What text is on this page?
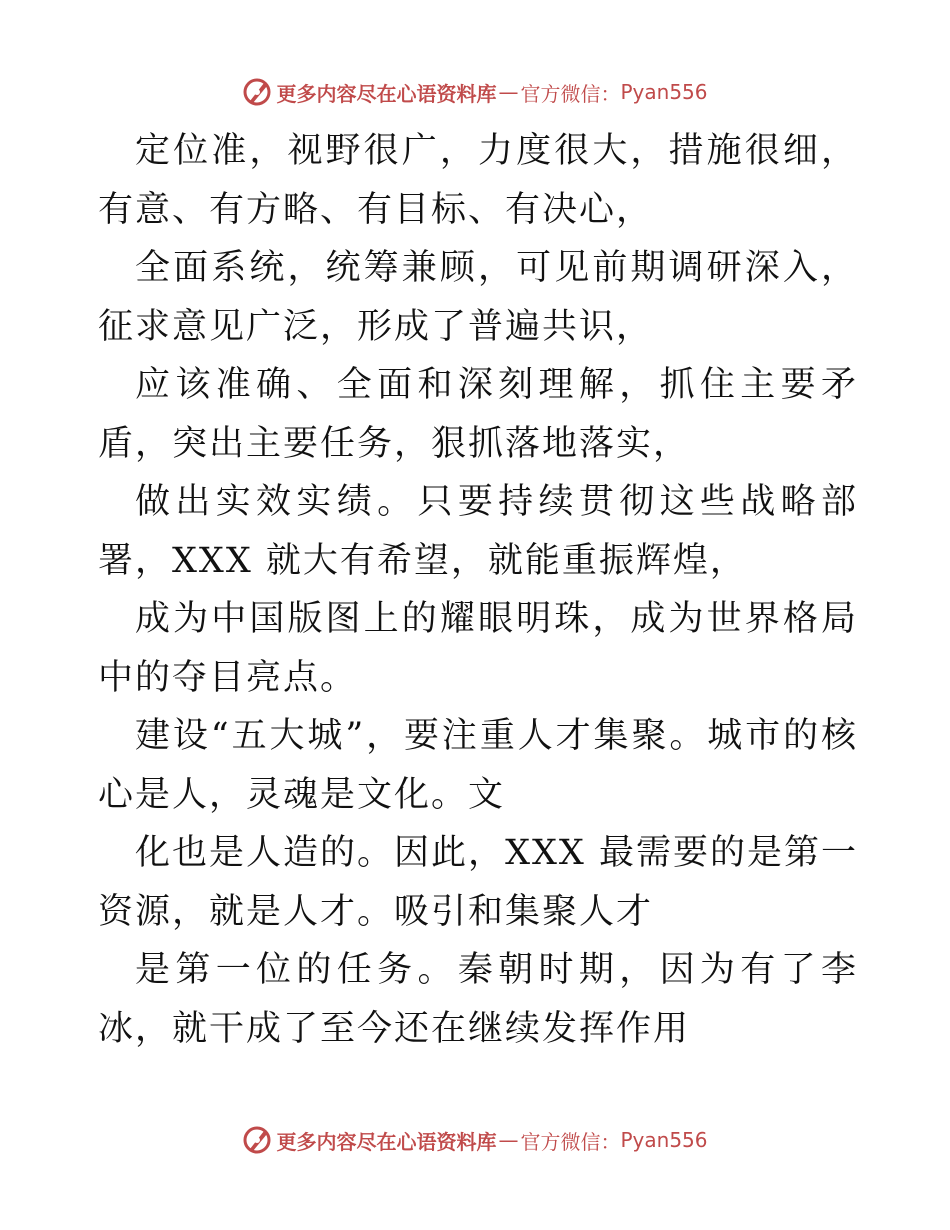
更多内容尽在心语资料库 — 官方微信： Pyan556

定位准，视野很广，力度很大，措施很细，有意、有方略、有目标、有决心，

全面系统，统筹兼顾，可见前期调研深入，征求意见广泛，形成了普遍共识，

应该准确、全面和深刻理解，抓住主要矛盾，突出主要任务，狠抓落地落实，

做出实效实绩。只要持续贯彻这些战略部署，XXX 就大有希望，就能重振辉煌，

成为中国版图上的耀眼明珠，成为世界格局中的夺目亮点。

建设“五大城”，要注重人才集聚。城市的核心是人，灵魂是文化。文

化也是人造的。因此，XXX 最需要的是第一资源，就是人才。吸引和集聚人才

是第一位的任务。秦朝时期，因为有了李冰，就干成了至今还在继续发挥作用

更多内容尽在心语资料库 — 官方微信： Pyan556
